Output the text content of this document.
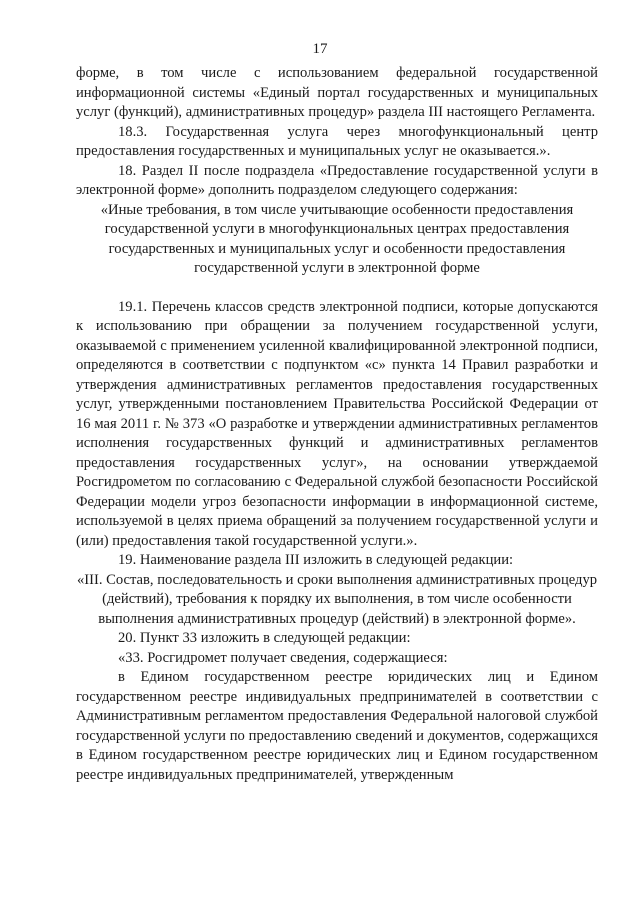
17

форме, в том числе с использованием федеральной государственной информационной системы «Единый портал государственных и муниципальных услуг (функций), административных процедур» раздела III настоящего Регламента.

18.3. Государственная услуга через многофункциональный центр предоставления государственных и муниципальных услуг не оказывается.».

18. Раздел II после подраздела «Предоставление государственной услуги в электронной форме» дополнить подразделом следующего содержания:

«Иные требования, в том числе учитывающие особенности предоставления государственной услуги в многофункциональных центрах предоставления государственных и муниципальных услуг и особенности предоставления государственной услуги в электронной форме

19.1. Перечень классов средств электронной подписи, которые допускаются к использованию при обращении за получением государственной услуги, оказываемой с применением усиленной квалифицированной электронной подписи, определяются в соответствии с подпунктом «с» пункта 14 Правил разработки и утверждения административных регламентов предоставления государственных услуг, утвержденными постановлением Правительства Российской Федерации от 16 мая 2011 г. № 373 «О разработке и утверждении административных регламентов исполнения государственных функций и административных регламентов предоставления государственных услуг», на основании утверждаемой Росгидрометом по согласованию с Федеральной службой безопасности Российской Федерации модели угроз безопасности информации в информационной системе, используемой в целях приема обращений за получением государственной услуги и (или) предоставления такой государственной услуги.».

19. Наименование раздела III изложить в следующей редакции:

«III. Состав, последовательность и сроки выполнения административных процедур (действий), требования к порядку их выполнения, в том числе особенности выполнения административных процедур (действий) в электронной форме».

20. Пункт 33 изложить в следующей редакции:

«33. Росгидромет получает сведения, содержащиеся:

в Едином государственном реестре юридических лиц и Едином государственном реестре индивидуальных предпринимателей в соответствии с Административным регламентом предоставления Федеральной налоговой службой государственной услуги по предоставлению сведений и документов, содержащихся в Едином государственном реестре юридических лиц и Едином государственном реестре индивидуальных предпринимателей, утвержденным
